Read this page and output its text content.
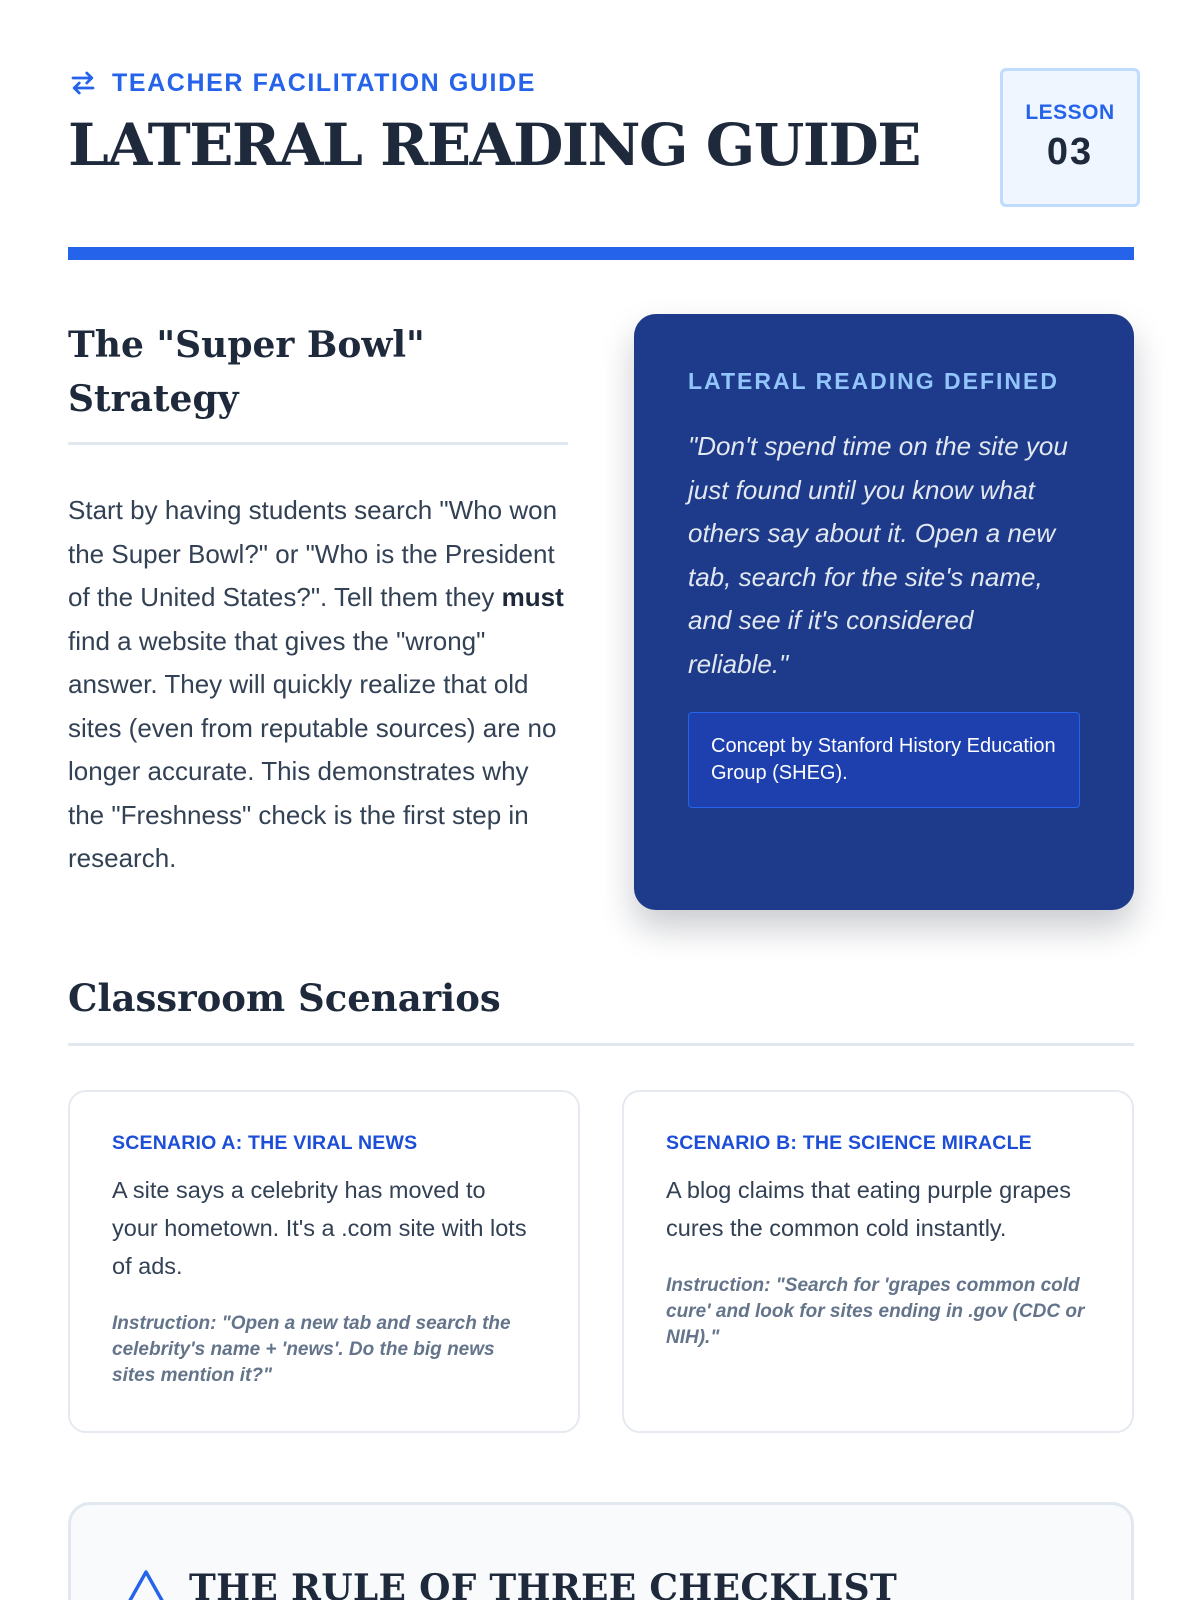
TEACHER FACILITATION GUIDE
LATERAL READING GUIDE	LESSON
03
The "Super Bowl" Strategy

Start by having students search "Who won the Super Bowl?" or "Who is the President of the United States?". Tell them they must find a website that gives the "wrong" answer. They will quickly realize that old sites (even from reputable sources) are no longer accurate. This demonstrates why the "Freshness" check is the first step in research.

LATERAL READING DEFINED

"Don't spend time on the site you just found until you know what others say about it. Open a new tab, search for the site's name, and see if it's considered reliable."

Concept by Stanford History Education Group (SHEG).
Classroom Scenarios
SCENARIO A: THE VIRAL NEWS

A site says a celebrity has moved to your hometown. It's a .com site with lots of ads.

Instruction: "Open a new tab and search the celebrity's name + 'news'. Do the big news sites mention it?"

SCENARIO B: THE SCIENCE MIRACLE

A blog claims that eating purple grapes cures the common cold instantly.

Instruction: "Search for 'grapes common cold cure' and look for sites ending in .gov (CDC or NIH)."

THE RULE OF THREE CHECKLIST
